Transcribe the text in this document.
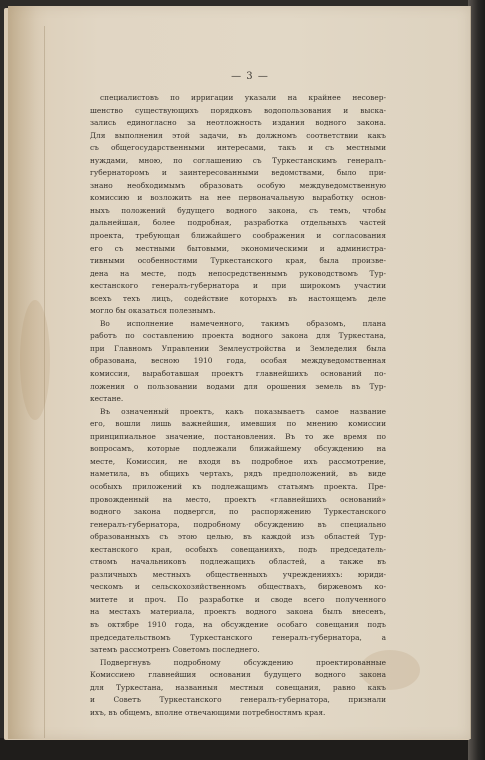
— 3 —

специалистовъ по ирригации указали на крайнее несовер-
шенство существующихъ порядковъ водопользования и выска-
зались единогласно за неотложность издания водного закона.
Для выполнения этой задачи, въ должномъ соответствии какъ
съ общегосударственными интересами, такъ и съ местными
нуждами, мною, по соглашению съ Туркестанскимъ генералъ-
губернаторомъ и заинтересованными ведомствами, было при-
знано необходимымъ образовать особую междуведомственную
комиссию и возложить на нее первоначальную выработку основ-
ныхъ положений будущего водного закона, съ темъ, чтобы
дальнейшая, более подробная, разработка отдельныхъ частей
проекта, требующая ближайшего соображения и согласования
его съ местными бытовыми, экономическими и администра-
тивными особенностями Туркестанского края, была произве-
дена на месте, подъ непосредственнымъ руководствомъ Тур-
кестанского генералъ-губернатора и при широкомъ участии
всехъ техъ лицъ, содействие которыхъ въ настоящемъ деле
могло бы оказаться полезнымъ.

Во исполнение намеченного, такимъ образомъ, плана
работъ по составлению проекта водного закона для Туркестана,
при Главномъ Управлении Землеустройства и Земледелия была
образована, весною 1910 года, особая междуведомственная
комиссия, выработавшая проектъ главнейшихъ оснований по-
ложения о пользовании водами для орошения земель въ Тур-
кестане.

Въ означенный проектъ, какъ показываетъ самое название
его, вошли лишь важнейшия, имевшия по мнению комиссии
принципиальное значение, постановления. Въ то же время по
вопросамъ, которые подлежали ближайшему обсуждению на
месте, Комиссия, не входя въ подробное ихъ рассмотрение,
наметила, въ общихъ чертахъ, рядъ предположений, въ виде
особыхъ приложений къ подлежащимъ статьямъ проекта. Пре-
провожденный на место, проектъ «главнейшихъ оснований»
водного закона подвергся, по распоряжению Туркестанского
генералъ-губернатора, подробному обсуждению въ специально
образованныхъ съ этою целью, въ каждой изъ областей Тур-
кестанского края, особыхъ совещанияхъ, подъ председатель-
ствомъ начальниковъ подлежащихъ областей, а также въ
различныхъ местныхъ общественныхъ учрежденияхъ: юриди-
ческомъ и сельскохозяйственномъ обществахъ, биржевомъ ко-
митете и проч. По разработке и своде всего полученного
на местахъ материала, проектъ водного закона былъ внесенъ,
въ октябре 1910 года, на обсуждение особаго совещания подъ
председательствомъ Туркестанского генералъ-губернатора, а
затемъ рассмотренъ Советомъ последнего.

Подвергнувъ подробному обсуждению проектированные
Комиссиею главнейшия основания будущего водного закона
для Туркестана, названныя местныя совещания, равно какъ
и Советъ Туркестанского генералъ-губернатора, признали
ихъ, въ общемъ, вполне отвечающими потребностямъ края.
